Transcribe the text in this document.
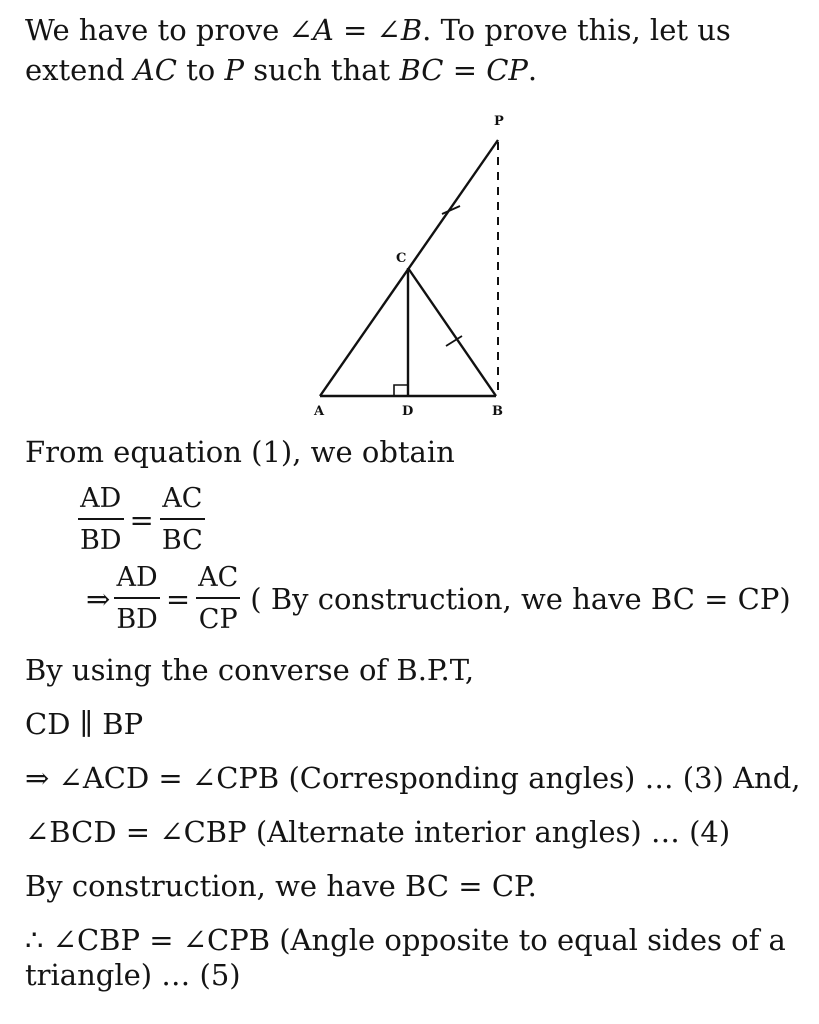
We have to prove ∠A = ∠B. To prove this, let us
extend AC to P such that BC = CP.
P
C
A	D	B
From equation (1), we obtain
$\frac{AD}{BD} = \frac{AC}{BC}$
⇒ $\frac{AD}{BD} = \frac{AC}{CP}$ ( By construction, we have BC = CP)
By using the converse of B.P.T,
CD ∥ BP
⇒ ∠ACD = ∠CPB (Corresponding angles) … (3) And,
∠BCD = ∠CBP (Alternate interior angles) … (4)
By construction, we have BC = CP.
∴ ∠CBP = ∠CPB (Angle opposite to equal sides of a
triangle) … (5)
